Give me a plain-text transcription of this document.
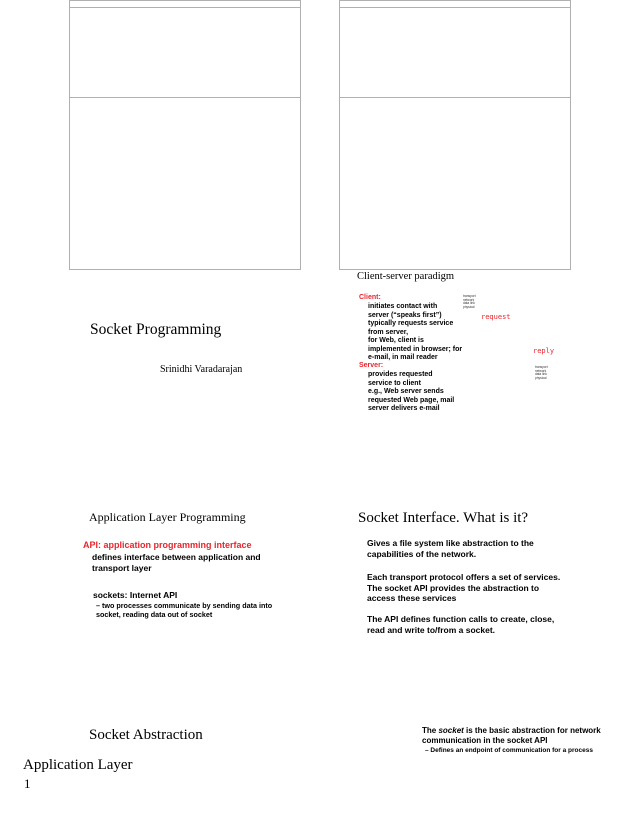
Socket Programming
Srinidhi Varadarajan
Client-server paradigm
Client:
initiates contact with server (“speaks first”)
typically requests service from server,
for Web, client is implemented in browser; for e-mail, in mail reader
Server:
provides requested service to client
e.g., Web server sends requested Web page, mail server delivers e-mail
transport
network
data link
physical
transport
network
data link
physical
request
reply
Application Layer Programming
API: application programming interface
defines interface between application and transport layer
sockets: Internet API
– two processes communicate by sending data into socket, reading data out of socket
Socket Interface. What is it?
Gives a file system like abstraction to the capabilities of the network.
Each transport protocol offers a set of services. The socket API provides the abstraction to access these services
The API defines function calls to create, close, read and write to/from a socket.
Socket Abstraction	The socket is the basic abstraction for network communication in the socket API
– Defines an endpoint of communication for a process
Application Layer
1
